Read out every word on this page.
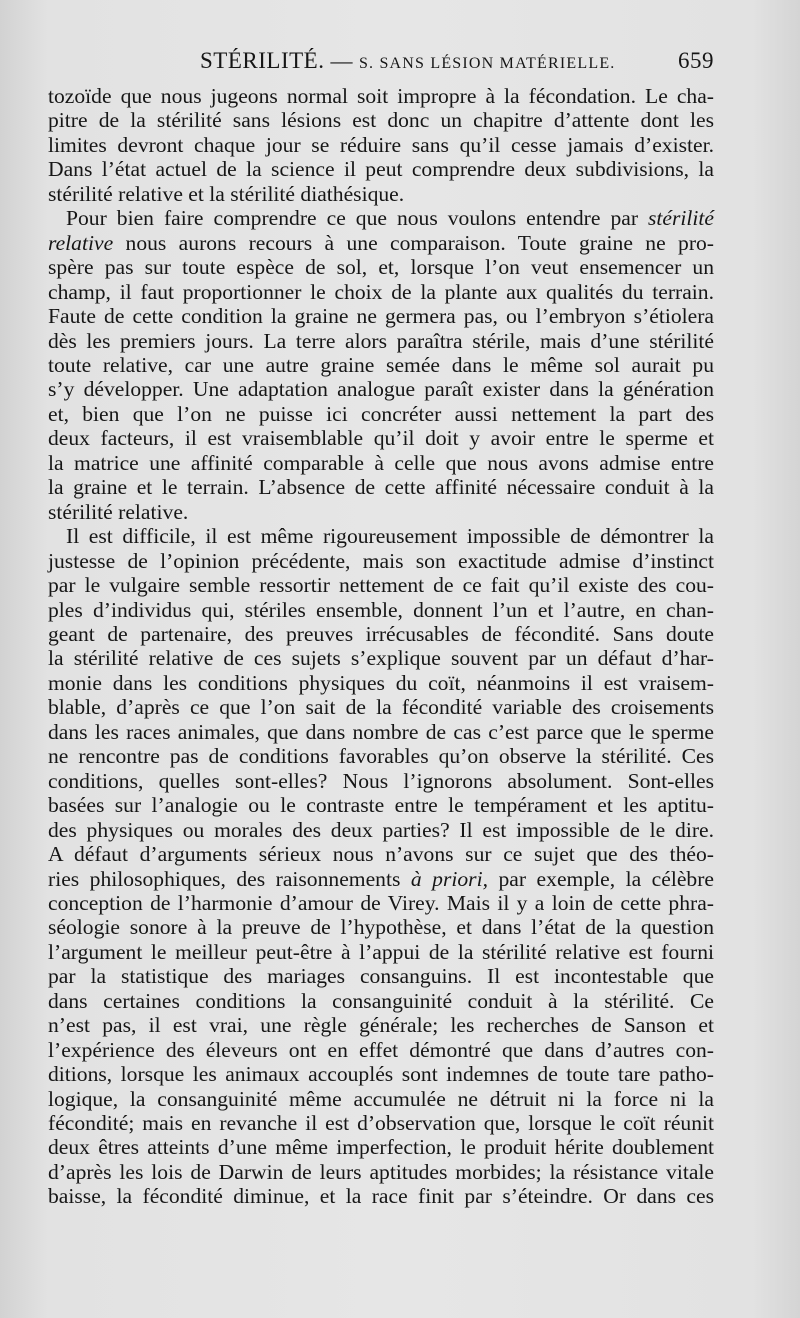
STÉRILITÉ. — S. SANS LÉSION MATÉRIELLE.	659

tozoïde que nous jugeons normal soit impropre à la fécondation. Le cha-
pitre de la stérilité sans lésions est donc un chapitre d’attente dont les
limites devront chaque jour se réduire sans qu’il cesse jamais d’exister.
Dans l’état actuel de la science il peut comprendre deux subdivisions, la
stérilité relative et la stérilité diathésique.

Pour bien faire comprendre ce que nous voulons entendre par stérilité
relative nous aurons recours à une comparaison. Toute graine ne pro-
spère pas sur toute espèce de sol, et, lorsque l’on veut ensemencer un
champ, il faut proportionner le choix de la plante aux qualités du terrain.
Faute de cette condition la graine ne germera pas, ou l’embryon s’étiolera
dès les premiers jours. La terre alors paraîtra stérile, mais d’une stérilité
toute relative, car une autre graine semée dans le même sol aurait pu
s’y développer. Une adaptation analogue paraît exister dans la génération
et, bien que l’on ne puisse ici concréter aussi nettement la part des
deux facteurs, il est vraisemblable qu’il doit y avoir entre le sperme et
la matrice une affinité comparable à celle que nous avons admise entre
la graine et le terrain. L’absence de cette affinité nécessaire conduit à la
stérilité relative.

Il est difficile, il est même rigoureusement impossible de démontrer la
justesse de l’opinion précédente, mais son exactitude admise d’instinct
par le vulgaire semble ressortir nettement de ce fait qu’il existe des cou-
ples d’individus qui, stériles ensemble, donnent l’un et l’autre, en chan-
geant de partenaire, des preuves irrécusables de fécondité. Sans doute
la stérilité relative de ces sujets s’explique souvent par un défaut d’har-
monie dans les conditions physiques du coït, néanmoins il est vraisem-
blable, d’après ce que l’on sait de la fécondité variable des croisements
dans les races animales, que dans nombre de cas c’est parce que le sperme
ne rencontre pas de conditions favorables qu’on observe la stérilité. Ces
conditions, quelles sont-elles? Nous l’ignorons absolument. Sont-elles
basées sur l’analogie ou le contraste entre le tempérament et les aptitu-
des physiques ou morales des deux parties? Il est impossible de le dire.
A défaut d’arguments sérieux nous n’avons sur ce sujet que des théo-
ries philosophiques, des raisonnements à priori, par exemple, la célèbre
conception de l’harmonie d’amour de Virey. Mais il y a loin de cette phra-
séologie sonore à la preuve de l’hypothèse, et dans l’état de la question
l’argument le meilleur peut-être à l’appui de la stérilité relative est fourni
par la statistique des mariages consanguins. Il est incontestable que
dans certaines conditions la consanguinité conduit à la stérilité. Ce
n’est pas, il est vrai, une règle générale; les recherches de Sanson et
l’expérience des éleveurs ont en effet démontré que dans d’autres con-
ditions, lorsque les animaux accouplés sont indemnes de toute tare patho-
logique, la consanguinité même accumulée ne détruit ni la force ni la
fécondité; mais en revanche il est d’observation que, lorsque le coït réunit
deux êtres atteints d’une même imperfection, le produit hérite doublement
d’après les lois de Darwin de leurs aptitudes morbides; la résistance vitale
baisse, la fécondité diminue, et la race finit par s’éteindre. Or dans ces
